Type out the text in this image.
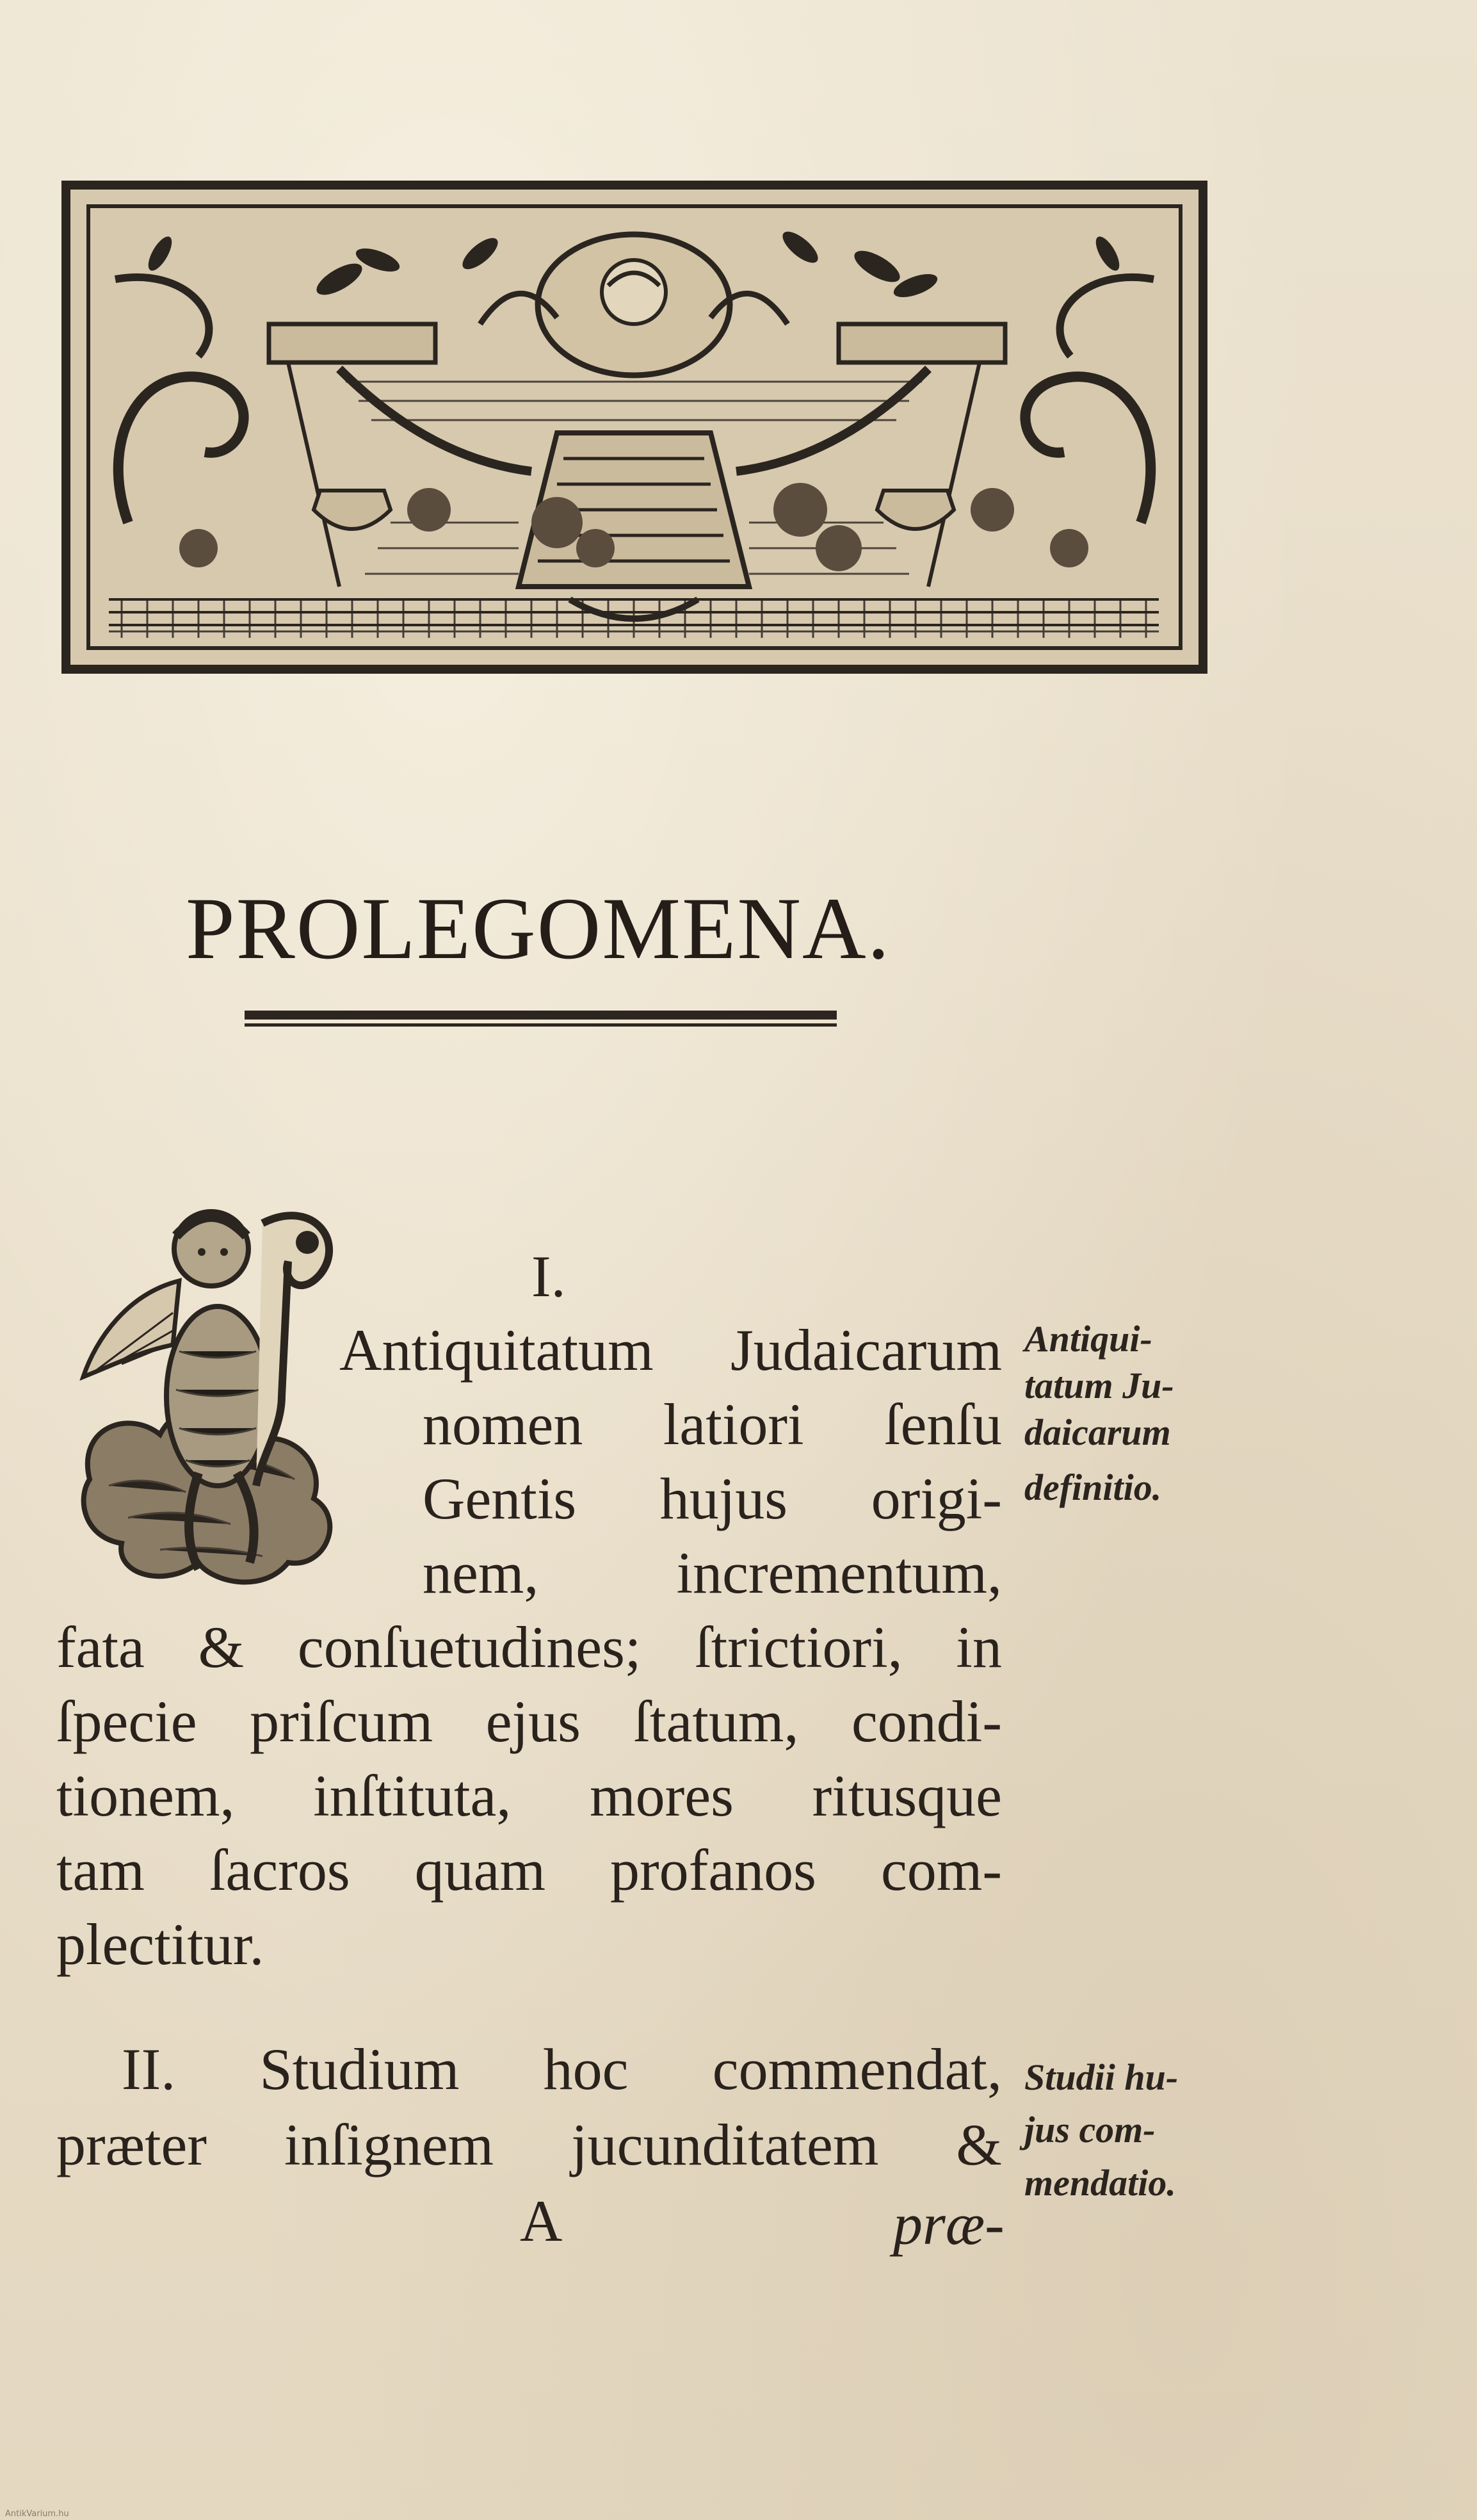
PROLEGOMENA.
I.
Antiquitatum Judaicarum
nomen latiori ſenſu
Gentis hujus origi-
nem, incrementum,
fata & conſuetudines; ſtrictiori, in
ſpecie priſcum ejus ſtatum, condi-
tionem, inſtituta, mores ritusque
tam ſacros quam profanos com-
plectitur.
Antiqui-
tatum Ju-
daicarum
definitio.
II. Studium hoc commendat,
præter inſignem jucunditatem &
Studii hu-
jus com-
mendatio.
A	præ-
AntikVarium.hu
